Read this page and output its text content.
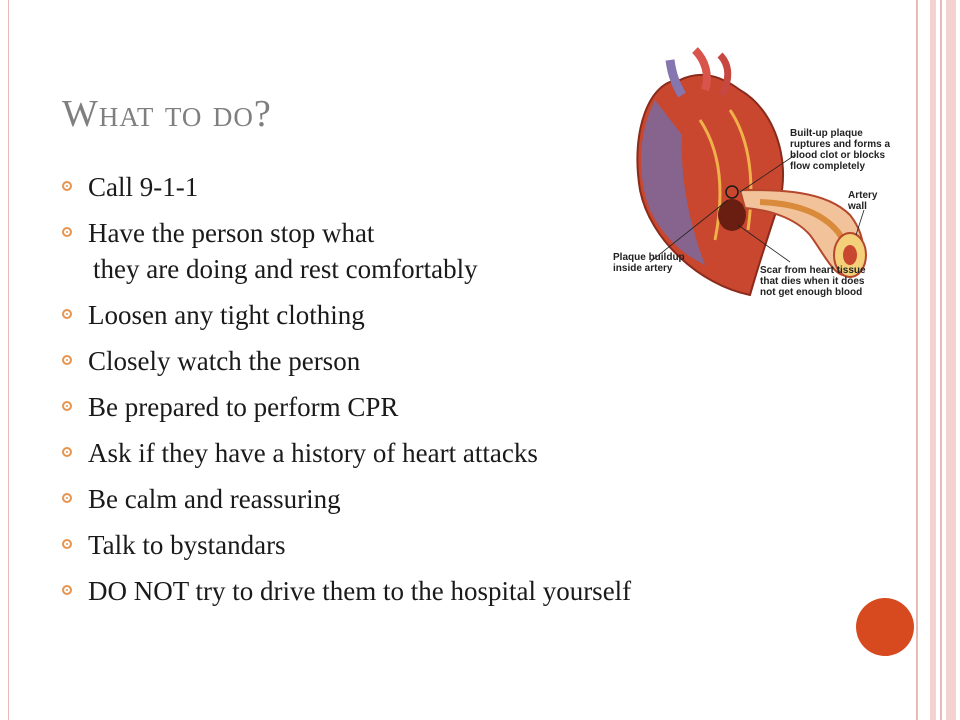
What to do?
Call 9-1-1
Have the person stop what
they are doing and rest comfortably
Loosen any tight clothing
Closely watch the person
Be prepared to perform CPR
Ask if they have a history of heart attacks
Be calm and reassuring
Talk to bystandars
DO NOT try to drive them to the hospital yourself
Built-up plaque
ruptures and forms a
blood clot or blocks
flow completely
Artery
wall
Plaque buildup
inside artery	Scar from heart tissue
that dies when it does
not get enough blood
